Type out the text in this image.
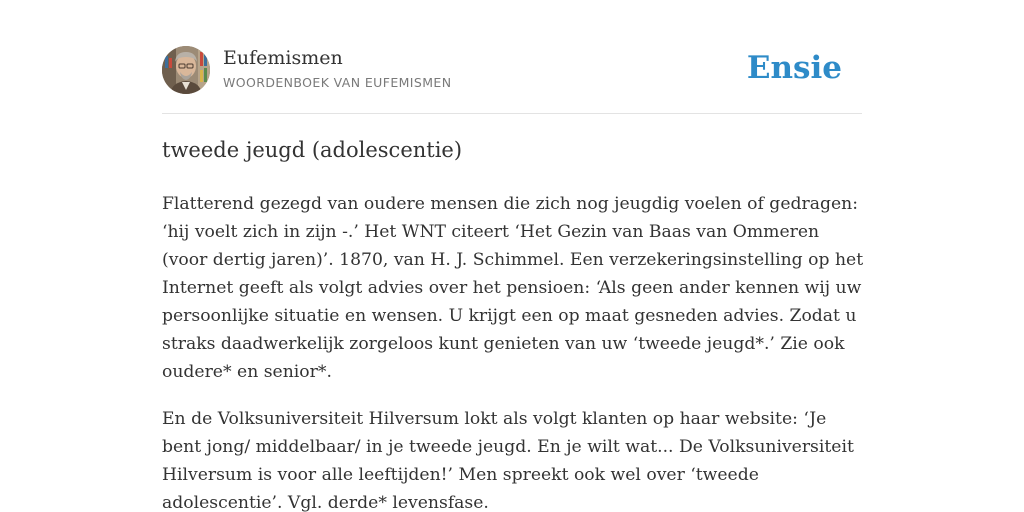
Eufemismen
WOORDENBOEK VAN EUFEMISMEN	Ensie
tweede jeugd (adolescentie)

Flatterend gezegd van oudere mensen die zich nog jeugdig voelen of gedragen: ‘hij voelt zich in zijn -.’ Het WNT citeert ‘Het Gezin van Baas van Ommeren (voor dertig jaren)’. 1870, van H. J. Schimmel. Een verzekeringsinstelling op het Internet geeft als volgt advies over het pensioen: ‘Als geen ander kennen wij uw persoonlijke situatie en wensen. U krijgt een op maat gesneden advies. Zodat u straks daadwerkelijk zorgeloos kunt genieten van uw ‘tweede jeugd*.’ Zie ook oudere* en senior*.

En de Volksuniversiteit Hilversum lokt als volgt klanten op haar website: ‘Je bent jong/ middelbaar/ in je tweede jeugd. En je wilt wat... De Volksuniversiteit Hilversum is voor alle leeftijden!’ Men spreekt ook wel over ‘tweede adolescentie’. Vgl. derde* levensfase.
